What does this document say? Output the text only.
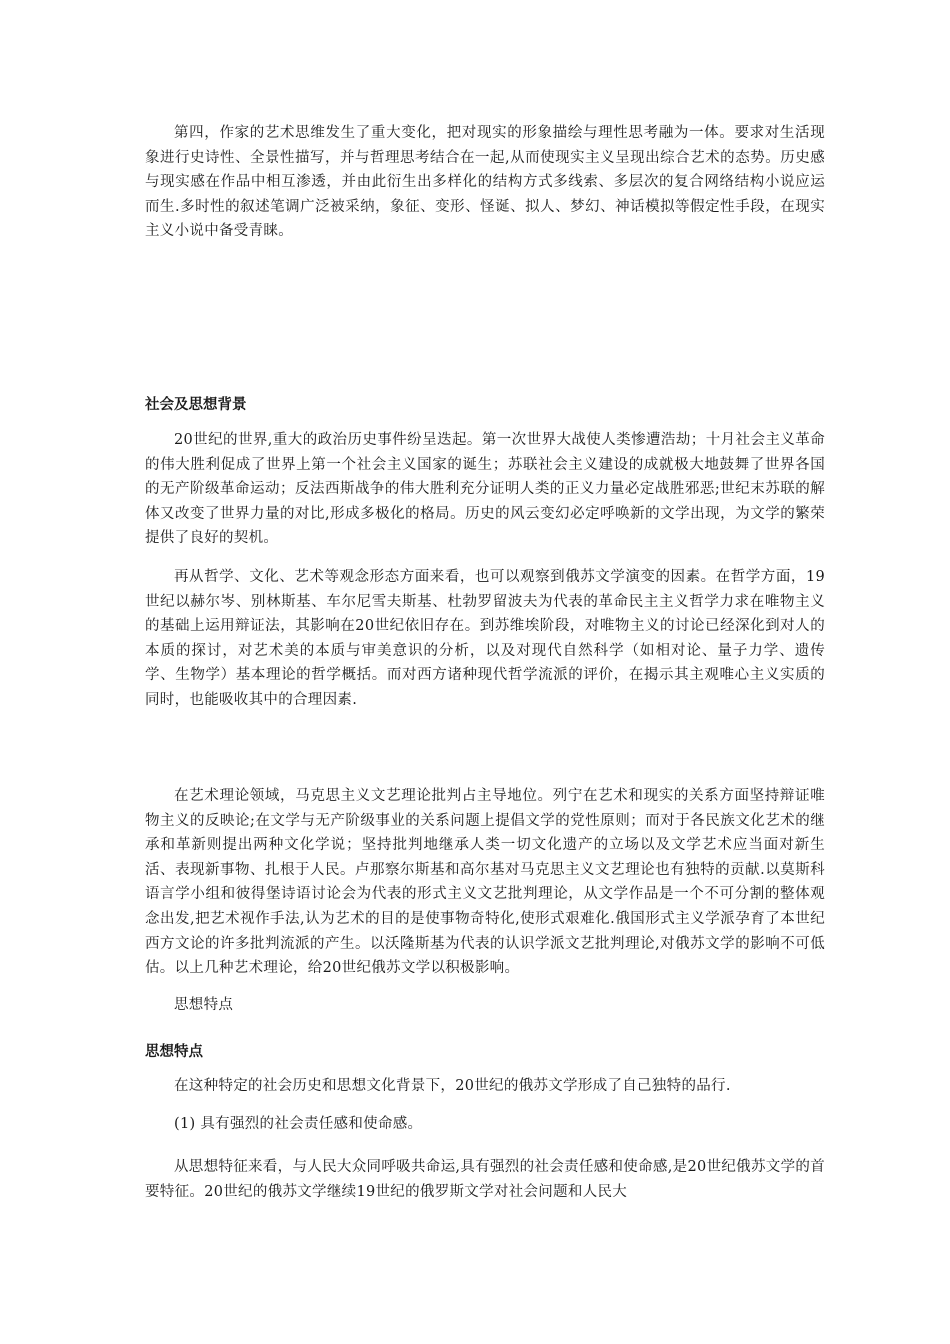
第四，作家的艺术思维发生了重大变化，把对现实的形象描绘与理性思考融为一体。要求对生活现象进行史诗性、全景性描写，并与哲理思考结合在一起,从而使现实主义呈现出综合艺术的态势。历史感与现实感在作品中相互渗透，并由此衍生出多样化的结构方式多线索、多层次的复合网络结构小说应运而生.多时性的叙述笔调广泛被采纳，象征、变形、怪诞、拟人、梦幻、神话模拟等假定性手段，在现实主义小说中备受青睐。

社会及思想背景

20世纪的世界,重大的政治历史事件纷呈迭起。第一次世界大战使人类惨遭浩劫；十月社会主义革命的伟大胜利促成了世界上第一个社会主义国家的诞生；苏联社会主义建设的成就极大地鼓舞了世界各国的无产阶级革命运动；反法西斯战争的伟大胜利充分证明人类的正义力量必定战胜邪恶;世纪末苏联的解体又改变了世界力量的对比,形成多极化的格局。历史的风云变幻必定呼唤新的文学出现，为文学的繁荣提供了良好的契机。

再从哲学、文化、艺术等观念形态方面来看，也可以观察到俄苏文学演变的因素。在哲学方面，19世纪以赫尔岑、别林斯基、车尔尼雪夫斯基、杜勃罗留波夫为代表的革命民主主义哲学力求在唯物主义的基础上运用辩证法，其影响在20世纪依旧存在。到苏维埃阶段，对唯物主义的讨论已经深化到对人的本质的探讨，对艺术美的本质与审美意识的分析，以及对现代自然科学（如相对论、量子力学、遗传学、生物学）基本理论的哲学概括。而对西方诸种现代哲学流派的评价，在揭示其主观唯心主义实质的同时，也能吸收其中的合理因素.

在艺术理论领域，马克思主义文艺理论批判占主导地位。列宁在艺术和现实的关系方面坚持辩证唯物主义的反映论;在文学与无产阶级事业的关系问题上提倡文学的党性原则；而对于各民族文化艺术的继承和革新则提出两种文化学说；坚持批判地继承人类一切文化遗产的立场以及文学艺术应当面对新生活、表现新事物、扎根于人民。卢那察尔斯基和高尔基对马克思主义文艺理论也有独特的贡献.以莫斯科语言学小组和彼得堡诗语讨论会为代表的形式主义文艺批判理论，从文学作品是一个不可分割的整体观念出发,把艺术视作手法,认为艺术的目的是使事物奇特化,使形式艰难化.俄国形式主义学派孕育了本世纪西方文论的许多批判流派的产生。以沃隆斯基为代表的认识学派文艺批判理论,对俄苏文学的影响不可低估。以上几种艺术理论，给20世纪俄苏文学以积极影响。

思想特点

思想特点

在这种特定的社会历史和思想文化背景下，20世纪的俄苏文学形成了自己独特的品行.

(1) 具有强烈的社会责任感和使命感。

从思想特征来看，与人民大众同呼吸共命运,具有强烈的社会责任感和使命感,是20世纪俄苏文学的首要特征。20世纪的俄苏文学继续19世纪的俄罗斯文学对社会问题和人民大
